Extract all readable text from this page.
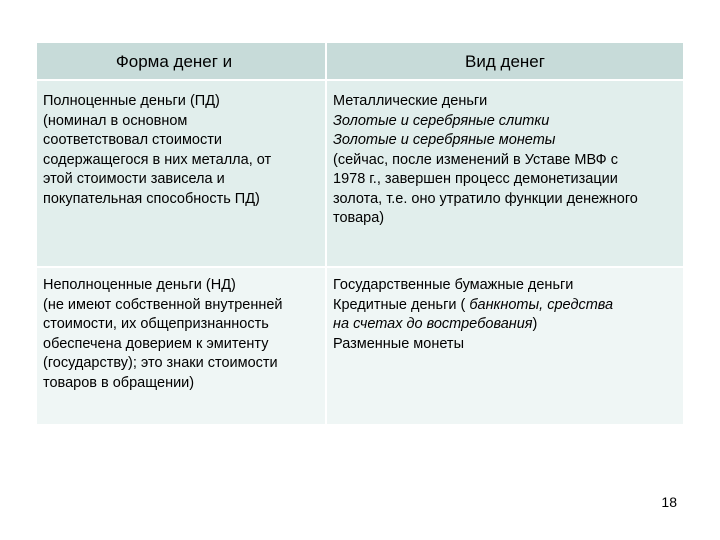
Форма денег и	Вид денег
Полноценные деньги (ПД)
(номинал в основном
соответствовал стоимости
содержащегося в них металла, от
этой стоимости зависела и
покупательная способность ПД)
Металлические деньги
Золотые и серебряные слитки
Золотые и серебряные монеты
(сейчас, после изменений в Уставе МВФ с
1978 г., завершен процесс демонетизации
золота, т.е. оно утратило функции денежного
товара)
Неполноценные деньги (НД)
(не имеют собственной внутренней
стоимости, их общепризнанность
обеспечена доверием к эмитенту
(государству); это знаки стоимости
товаров в обращении)
Государственные бумажные деньги
Кредитные деньги ( банкноты, средства
на счетах до востребования)
Разменные монеты
18
